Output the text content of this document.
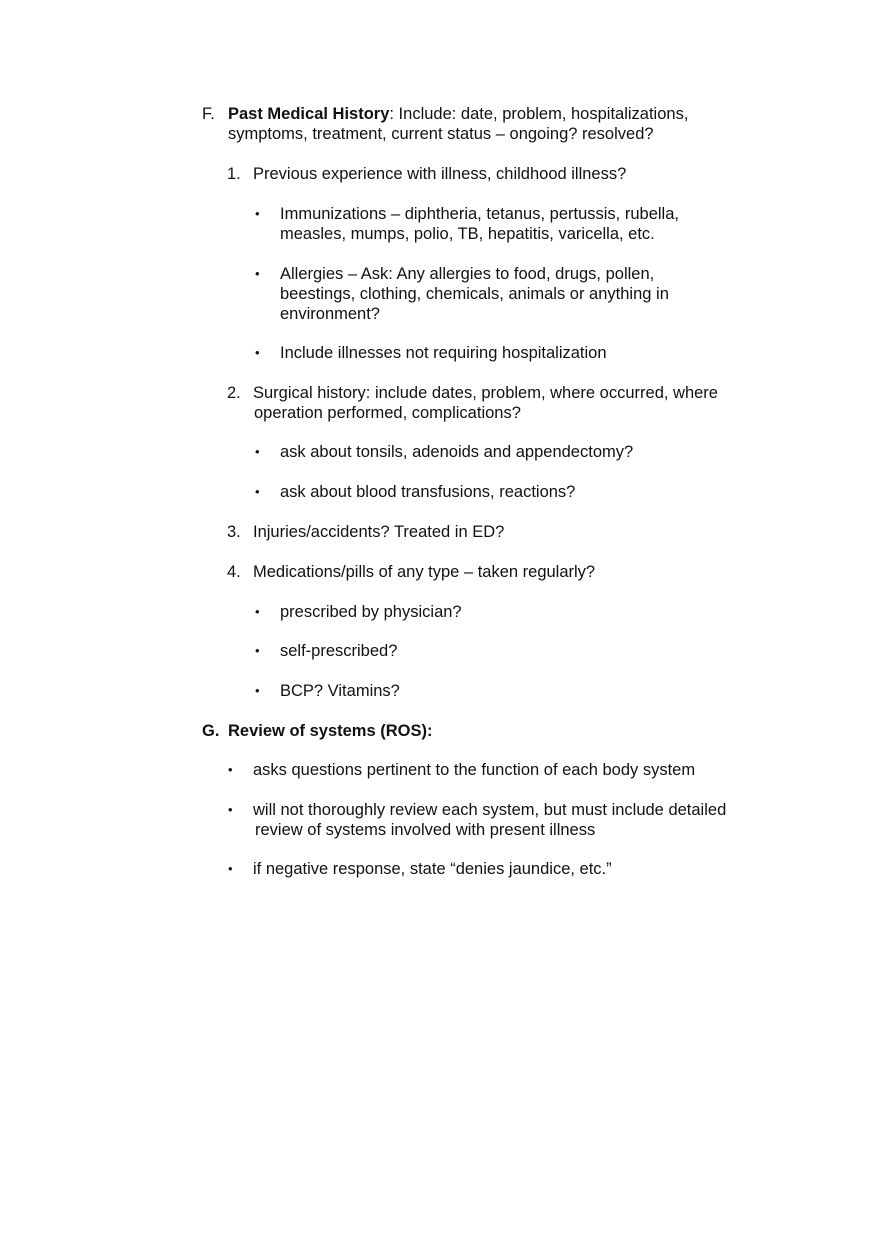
F. Past Medical History: Include: date, problem, hospitalizations,
symptoms, treatment, current status – ongoing? resolved?
1. Previous experience with illness, childhood illness?
• Immunizations – diphtheria, tetanus, pertussis, rubella,
measles, mumps, polio, TB, hepatitis, varicella, etc.
• Allergies – Ask: Any allergies to food, drugs, pollen,
beestings, clothing, chemicals, animals or anything in
environment?
• Include illnesses not requiring hospitalization
2. Surgical history: include dates, problem, where occurred, where
operation performed, complications?
• ask about tonsils, adenoids and appendectomy?
• ask about blood transfusions, reactions?
3. Injuries/accidents? Treated in ED?
4. Medications/pills of any type – taken regularly?
• prescribed by physician?
• self-prescribed?
• BCP? Vitamins?
G. Review of systems (ROS):
• asks questions pertinent to the function of each body system
• will not thoroughly review each system, but must include detailed
review of systems involved with present illness
• if negative response, state “denies jaundice, etc.”
